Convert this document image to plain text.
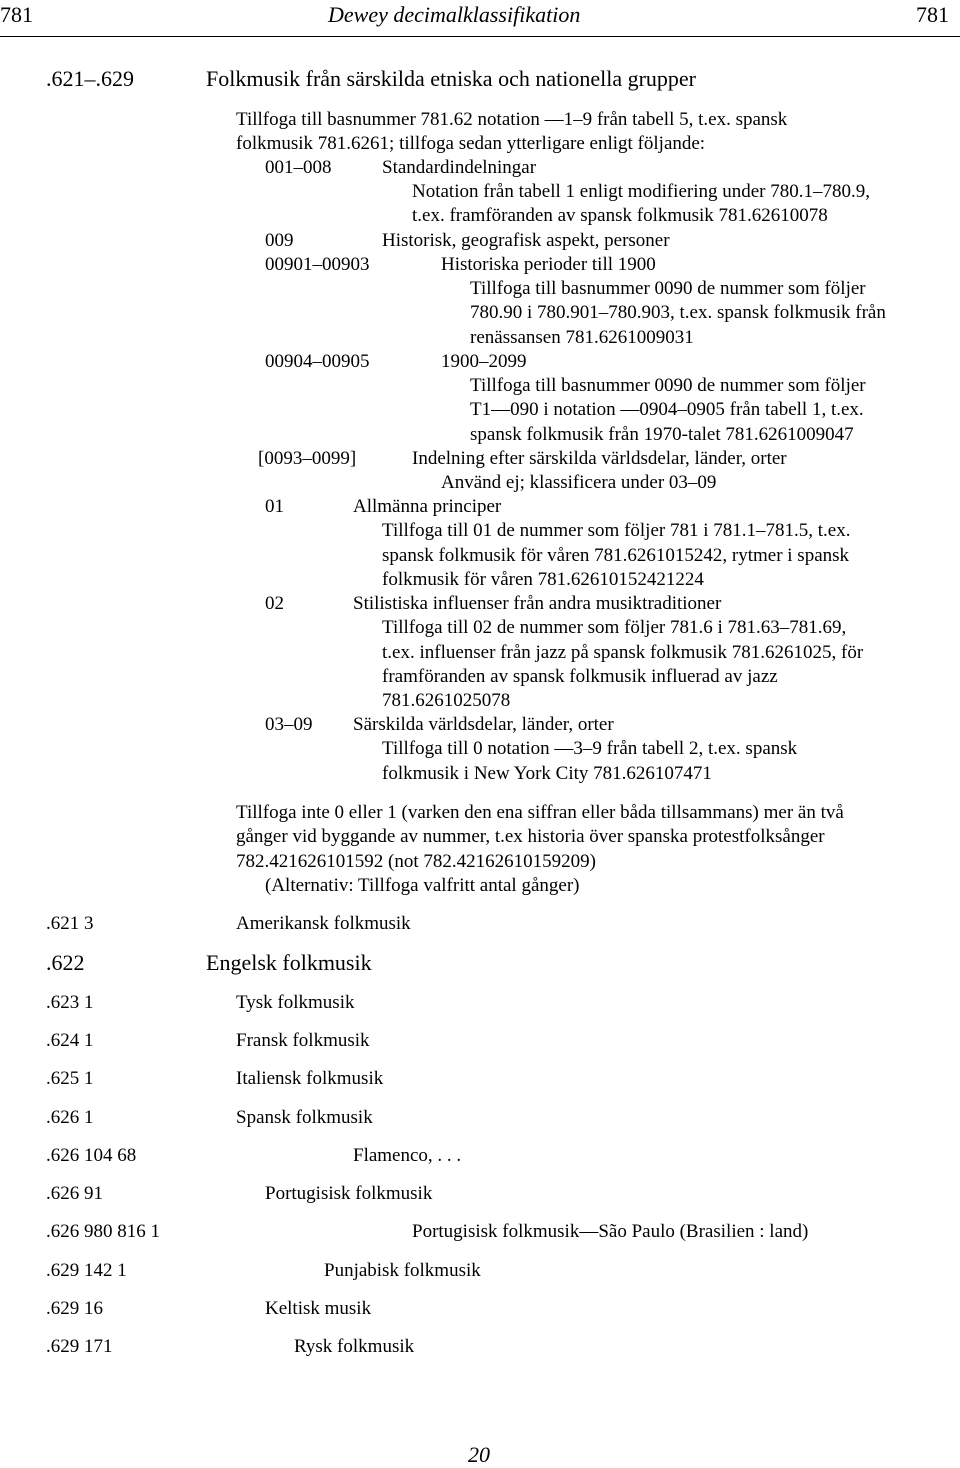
781	Dewey decimalklassifikation	781
.621–.629	Folkmusik från särskilda etniska och nationella grupper
Tillfoga till basnummer 781.62 notation —1–9 från tabell 5, t.ex. spansk
folkmusik 781.6261; tillfoga sedan ytterligare enligt följande:
001–008	Standardindelningar
Notation från tabell 1 enligt modifiering under 780.1–780.9,
t.ex. framföranden av spansk folkmusik 781.62610078
009	Historisk, geografisk aspekt, personer
00901–00903	Historiska perioder till 1900
Tillfoga till basnummer 0090 de nummer som följer
780.90 i 780.901–780.903, t.ex. spansk folkmusik från
renässansen 781.6261009031
00904–00905	1900–2099
Tillfoga till basnummer 0090 de nummer som följer
T1—090 i notation —0904–0905 från tabell 1, t.ex.
spansk folkmusik från 1970-talet 781.6261009047
[0093–0099]	Indelning efter särskilda världsdelar, länder, orter
Använd ej; klassificera under 03–09
01	Allmänna principer
Tillfoga till 01 de nummer som följer 781 i 781.1–781.5, t.ex.
spansk folkmusik för våren 781.6261015242, rytmer i spansk
folkmusik för våren 781.62610152421224
02	Stilistiska influenser från andra musiktraditioner
Tillfoga till 02 de nummer som följer 781.6 i 781.63–781.69,
t.ex. influenser från jazz på spansk folkmusik 781.6261025, för
framföranden av spansk folkmusik influerad av jazz
781.6261025078
03–09 Särskilda världsdelar, länder, orter
Tillfoga till 0 notation —3–9 från tabell 2, t.ex. spansk
folkmusik i New York City 781.626107471
Tillfoga inte 0 eller 1 (varken den ena siffran eller båda tillsammans) mer än två
gånger vid byggande av nummer, t.ex historia över spanska protestfolksånger
782.421626101592 (not 782.42162610159209)
(Alternativ: Tillfoga valfritt antal gånger)
.621 3	Amerikansk folkmusik
.622	Engelsk folkmusik
.623 1	Tysk folkmusik
.624 1	Fransk folkmusik
.625 1	Italiensk folkmusik
.626 1	Spansk folkmusik
.626 104 68	Flamenco, . . .
.626 91	Portugisisk folkmusik
.626 980 816 1	Portugisisk folkmusik—São Paulo (Brasilien : land)
.629 142 1	Punjabisk folkmusik
.629 16	Keltisk musik
.629 171	Rysk folkmusik
20
